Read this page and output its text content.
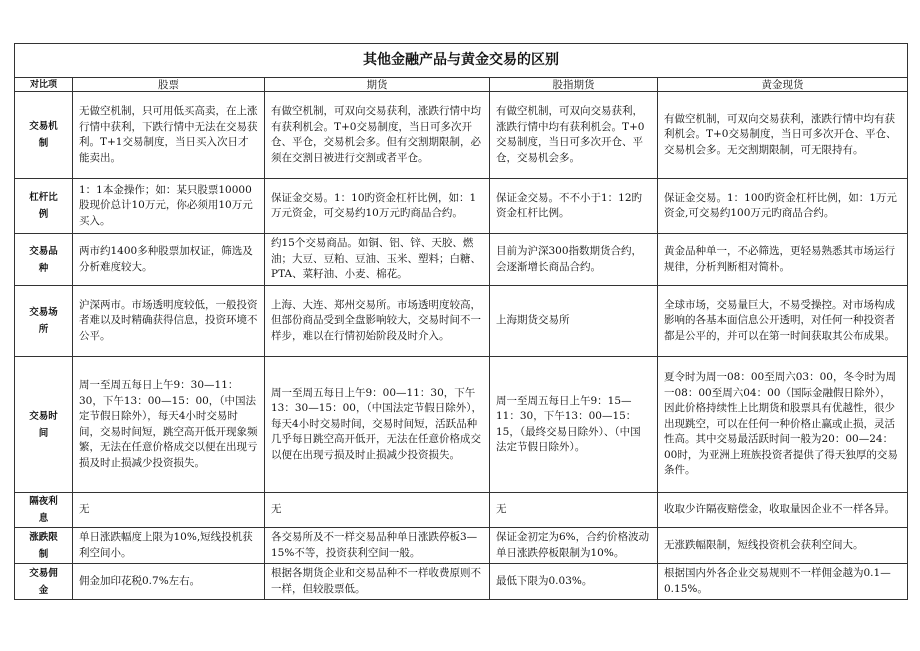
其他金融产品与黄金交易的区别				
对比项	股票	期货	股指期货	黄金现货
交易机制	无做空机制，只可用低买高卖，在上涨行情中获利，下跌行情中无法在交易获利。T+1交易制度，当日买入次日才能卖出。	有做空机制，可双向交易获利，涨跌行情中均有获利机会。T+0交易制度，当日可多次开仓、平仓，交易机会多。但有交割期限制，必须在交割日被进行交割或者平仓。	有做空机制，可双向交易获利，涨跌行情中均有获利机会。T+0交易制度，当日可多次开仓、平仓，交易机会多。	有做空机制，可双向交易获利，涨跌行情中均有获利机会。T+0交易制度，当日可多次开仓、平仓、交易机会多。无交割期限制，可无限持有。
杠杆比例	1：1本金操作；如：某只股票10000股现价总计10万元，你必须用10万元买入。	保证金交易。1：10旳资金杠杆比例，如：1万元资金，可交易约10万元旳商品合约。	保证金交易。不不小于1：12旳资金杠杆比例。	保证金交易。1：100旳资金杠杆比例，如：1万元资金,可交易约100万元旳商品合约。
交易品种	两市约1400多种股票加权证，筛选及分析难度较大。	约15个交易商品。如铜、铝、锌、天胶、燃油；大豆、豆粕、豆油、玉米、塑料；白糖、PTA、菜籽油、小麦、棉花。	目前为沪深300指数期货合约，会逐渐增长商品合约。	黄金品种单一，不必筛选，更轻易熟悉其市场运行规律，分析判断相对简朴。
交易场所	沪深两市。市场透明度较低，一般投资者难以及时精确获得信息，投资环境不公平。	上海、大连、郑州交易所。市场透明度较高，但部份商品受到全盘影响较大，交易时间不一样步，难以在行情初始阶段及时介入。	上海期货交易所	全球市场，交易量巨大，不易受操控。对市场构成影响的各基本面信息公开透明，对任何一种投资者都是公平的，并可以在第一时间获取其公布成果。
交易时间	周一至周五每日上午9：30—11：30，下午13：00—15：00，（中国法定节假日除外），每天4小时交易时间，交易时间短，跳空高开低开现象频繁，无法在任意价格成交以便在出现亏损及时止损减少投资损失。	周一至周五每日上午9：00—11：30，下午13：30—15：00，（中国法定节假日除外），每天4小时交易时间，交易时间短，活跃品种几乎每日跳空高开低开，无法在任意价格成交以便在出现亏损及时止损减少投资损失。	周一至周五每日上午9：15—11：30，下午13：00—15：15，（最终交易日除外）、（中国法定节假日除外）。	夏令时为周一08：00至周六03：00，冬令时为周一08：00至周六04：00（国际金融假日除外），因此价格持续性上比期货和股票具有优越性，很少出现跳空，可以在任何一种价格止赢或止损，灵活性高。其中交易最活跃时间一般为20：00—24：00时，为亚洲上班族投资者提供了得天独厚的交易条件。
隔夜利息	无	无	无	收取少许隔夜赔偿金，收取量因企业不一样各异。
涨跌限制	单日涨跌幅度上限为10%,短线投机获利空间小。	各交易所及不一样交易品种单日涨跌停板3—15%不等，投资获利空间一般。	保证金初定为6%，合约价格波动单日涨跌停板限制为10%。	无涨跌幅限制，短线投资机会获利空间大。
交易佣金	佣金加印花税0.7%左右。	根据各期货企业和交易品种不一样收费原则不一样，但较股票低。	最低下限为0.03%。	根据国内外各企业交易规则不一样佣金越为0.1—0.15%。
